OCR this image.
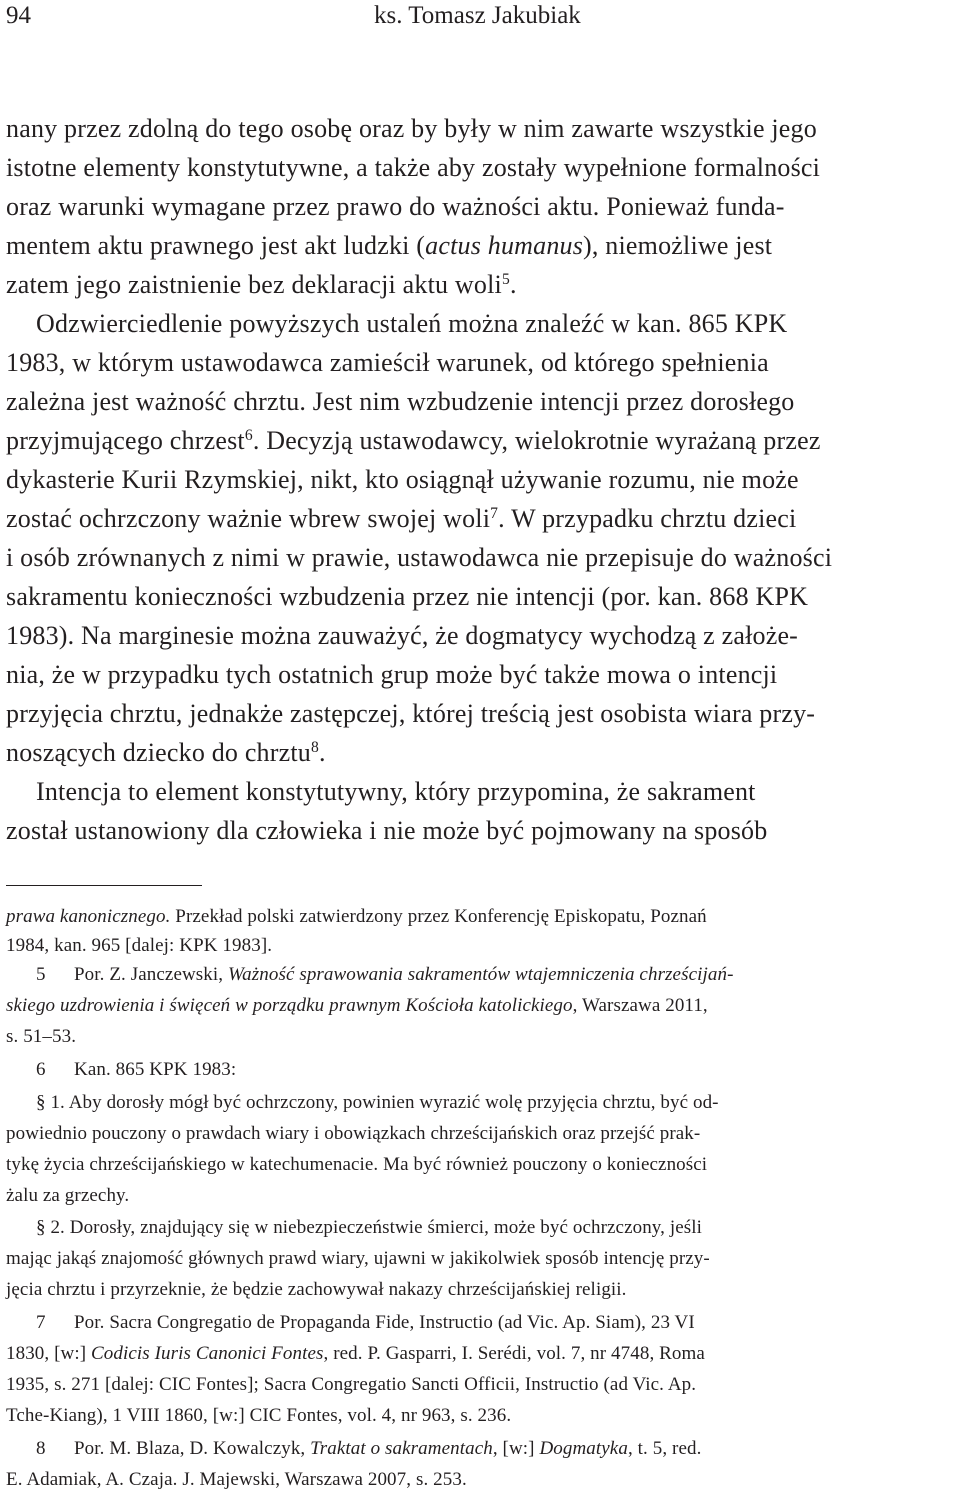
94	ks. Tomasz Jakubiak
nany przez zdolną do tego osobę oraz by były w nim zawarte wszystkie jego
istotne elementy konstytutywne, a także aby zostały wypełnione formalności
oraz warunki wymagane przez prawo do ważności aktu. Ponieważ funda-
mentem aktu prawnego jest akt ludzki (actus humanus), niemożliwe jest
zatem jego zaistnienie bez deklaracji aktu woli$^5$.
Odzwierciedlenie powyższych ustaleń można znaleźć w kan. 865 KPK
1983, w którym ustawodawca zamieścił warunek, od którego spełnienia
zależna jest ważność chrztu. Jest nim wzbudzenie intencji przez dorosłego
przyjmującego chrzest$^6$. Decyzją ustawodawcy, wielokrotnie wyrażaną przez
dykasterie Kurii Rzymskiej, nikt, kto osiągnął używanie rozumu, nie może
zostać ochrzczony ważnie wbrew swojej woli$^7$. W przypadku chrztu dzieci
i osób zrównanych z nimi w prawie, ustawodawca nie przepisuje do ważności
sakramentu konieczności wzbudzenia przez nie intencji (por. kan. 868 KPK
1983). Na marginesie można zauważyć, że dogmatycy wychodzą z założe-
nia, że w przypadku tych ostatnich grup może być także mowa o intencji
przyjęcia chrztu, jednakże zastępczej, której treścią jest osobista wiara przy-
noszących dziecko do chrztu$^8$.
Intencja to element konstytutywny, który przypomina, że sakrament
został ustanowiony dla człowieka i nie może być pojmowany na sposób
prawa kanonicznego. Przekład polski zatwierdzony przez Konferencję Episkopatu, Poznań
1984, kan. 965 [dalej: KPK 1983].
5 Por. Z. Janczewski, Ważność sprawowania sakramentów wtajemniczenia chrześcijań-
skiego uzdrowienia i święceń w porządku prawnym Kościoła katolickiego, Warszawa 2011,
s. 51–53.
6 Kan. 865 KPK 1983:
§ 1. Aby dorosły mógł być ochrzczony, powinien wyrazić wolę przyjęcia chrztu, być od-
powiednio pouczony o prawdach wiary i obowiązkach chrześcijańskich oraz przejść prak-
tykę życia chrześcijańskiego w katechumenacie. Ma być również pouczony o konieczności
żalu za grzechy.
§ 2. Dorosły, znajdujący się w niebezpieczeństwie śmierci, może być ochrzczony, jeśli
mając jakąś znajomość głównych prawd wiary, ujawni w jakikolwiek sposób intencję przy-
jęcia chrztu i przyrzeknie, że będzie zachowywał nakazy chrześcijańskiej religii.
7 Por. Sacra Congregatio de Propaganda Fide, Instructio (ad Vic. Ap. Siam), 23 VI
1830, [w:] Codicis Iuris Canonici Fontes, red. P. Gasparri, I. Serédi, vol. 7, nr 4748, Roma
1935, s. 271 [dalej: CIC Fontes]; Sacra Congregatio Sancti Officii, Instructio (ad Vic. Ap.
Tche-Kiang), 1 VIII 1860, [w:] CIC Fontes, vol. 4, nr 963, s. 236.
8 Por. M. Blaza, D. Kowalczyk, Traktat o sakramentach, [w:] Dogmatyka, t. 5, red.
E. Adamiak, A. Czaja. J. Majewski, Warszawa 2007, s. 253.
